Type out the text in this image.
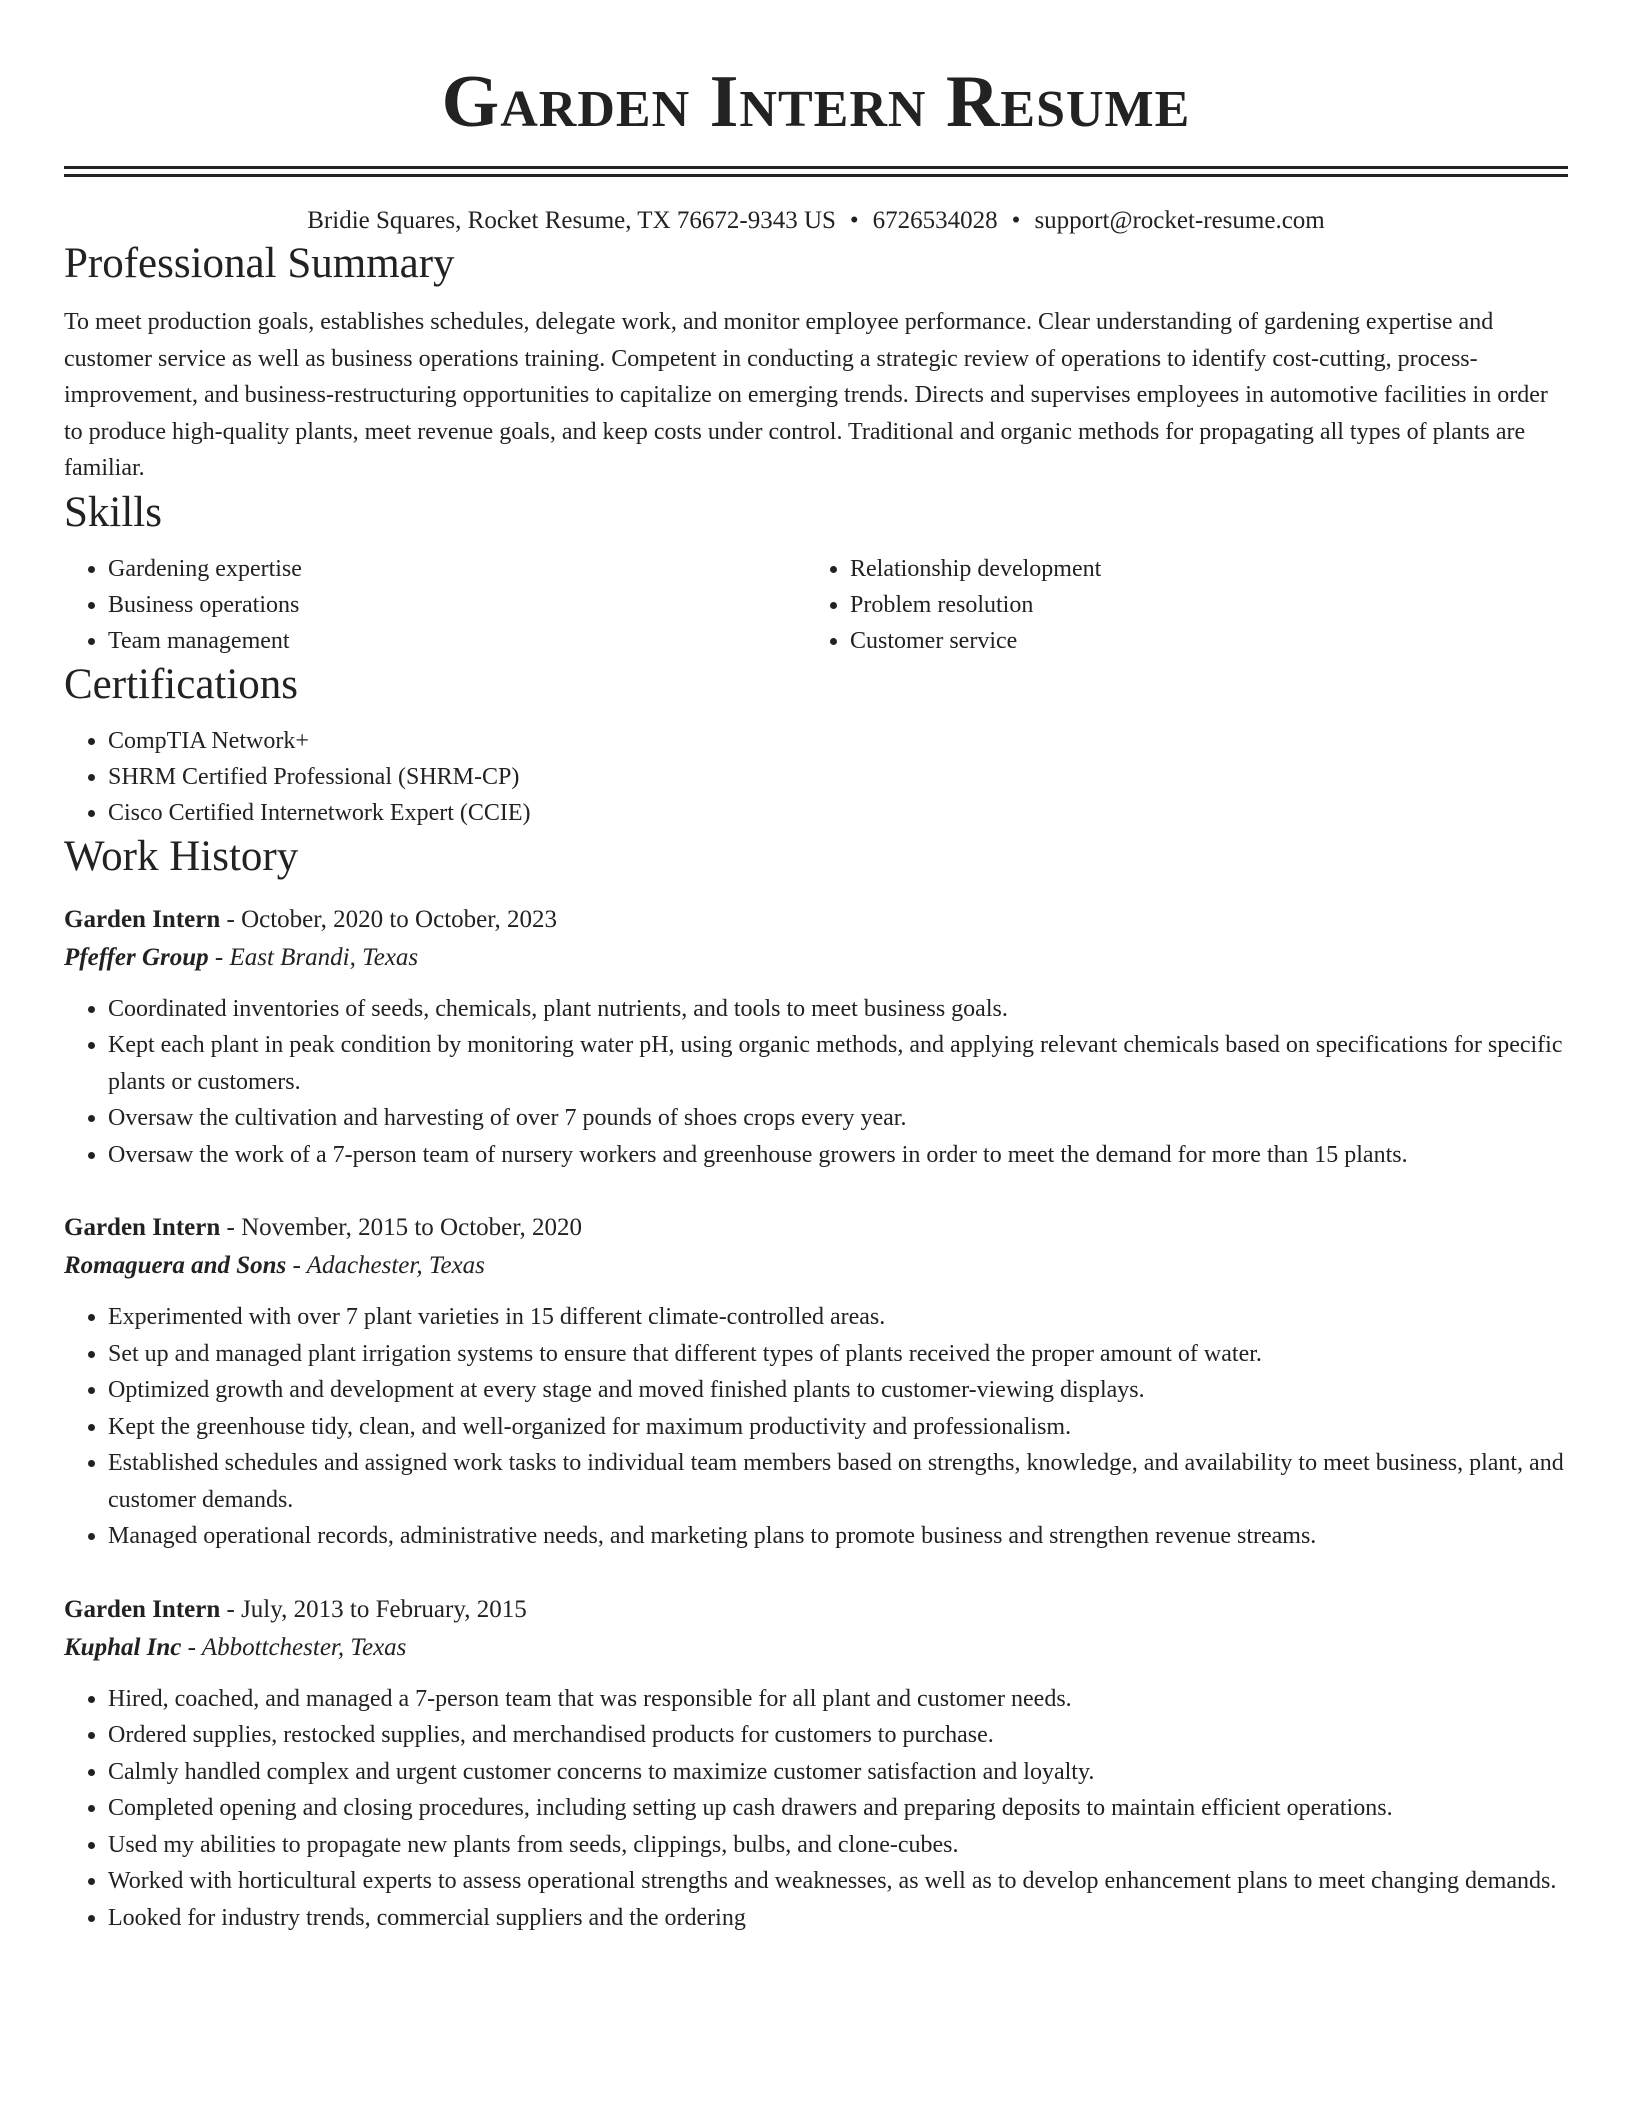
Garden Intern Resume
Bridie Squares, Rocket Resume, TX 76672-9343 US • 6726534028 • support@rocket-resume.com
Professional Summary

To meet production goals, establishes schedules, delegate work, and monitor employee performance. Clear understanding of gardening expertise and customer service as well as business operations training. Competent in conducting a strategic review of operations to identify cost-cutting, process-improvement, and business-restructuring opportunities to capitalize on emerging trends. Directs and supervises employees in automotive facilities in order to produce high-quality plants, meet revenue goals, and keep costs under control. Traditional and organic methods for propagating all types of plants are familiar.

Skills
• Gardening expertise
• Business operations
• Team management
• Relationship development
• Problem resolution
• Customer service
Certifications
• CompTIA Network+
• SHRM Certified Professional (SHRM-CP)
• Cisco Certified Internetwork Expert (CCIE)
Work History
Garden Intern - October, 2020 to October, 2023
Pfeffer Group - East Brandi, Texas
• Coordinated inventories of seeds, chemicals, plant nutrients, and tools to meet business goals.
• Kept each plant in peak condition by monitoring water pH, using organic methods, and applying relevant chemicals based on specifications for specific plants or customers.
• Oversaw the cultivation and harvesting of over 7 pounds of shoes crops every year.
• Oversaw the work of a 7-person team of nursery workers and greenhouse growers in order to meet the demand for more than 15 plants.
Garden Intern - November, 2015 to October, 2020
Romaguera and Sons - Adachester, Texas
• Experimented with over 7 plant varieties in 15 different climate-controlled areas.
• Set up and managed plant irrigation systems to ensure that different types of plants received the proper amount of water.
• Optimized growth and development at every stage and moved finished plants to customer-viewing displays.
• Kept the greenhouse tidy, clean, and well-organized for maximum productivity and professionalism.
• Established schedules and assigned work tasks to individual team members based on strengths, knowledge, and availability to meet business, plant, and customer demands.
• Managed operational records, administrative needs, and marketing plans to promote business and strengthen revenue streams.
Garden Intern - July, 2013 to February, 2015
Kuphal Inc - Abbottchester, Texas
• Hired, coached, and managed a 7-person team that was responsible for all plant and customer needs.
• Ordered supplies, restocked supplies, and merchandised products for customers to purchase.
• Calmly handled complex and urgent customer concerns to maximize customer satisfaction and loyalty.
• Completed opening and closing procedures, including setting up cash drawers and preparing deposits to maintain efficient operations.
• Used my abilities to propagate new plants from seeds, clippings, bulbs, and clone-cubes.
• Worked with horticultural experts to assess operational strengths and weaknesses, as well as to develop enhancement plans to meet changing demands.
• Looked for industry trends, commercial suppliers and the ordering
